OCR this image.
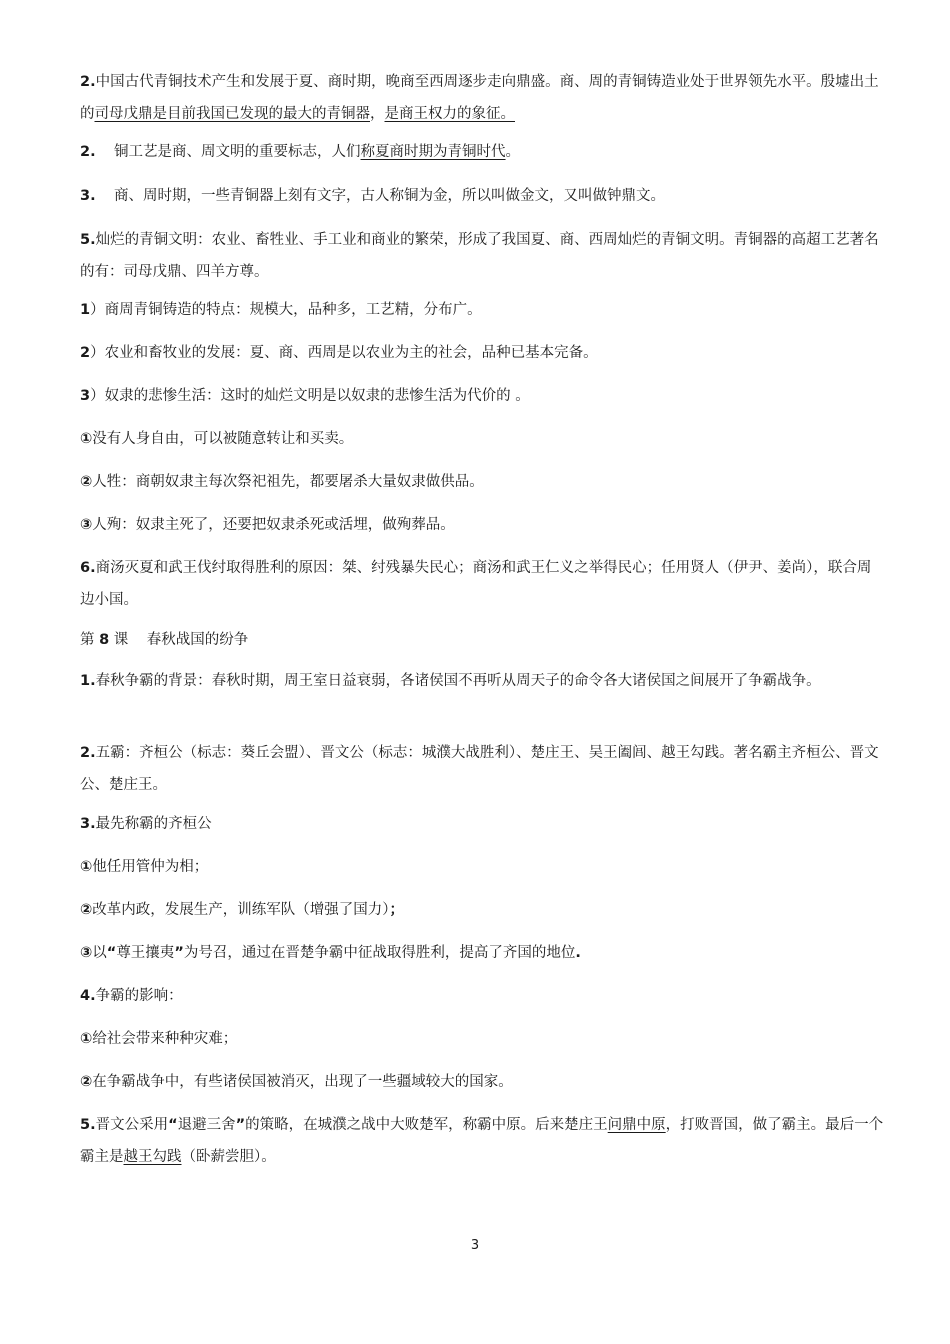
2.中国古代青铜技术产生和发展于夏、商时期，晚商至西周逐步走向鼎盛。商、周的青铜铸造业处于世界领先水平。殷墟出土的司母戊鼎是目前我国已发现的最大的青铜器，是商王权力的象征。

2.    铜工艺是商、周文明的重要标志，人们称夏商时期为青铜时代。

3.    商、周时期，一些青铜器上刻有文字，古人称铜为金，所以叫做金文，又叫做钟鼎文。

5.灿烂的青铜文明：农业、畜牲业、手工业和商业的繁荣，形成了我国夏、商、西周灿烂的青铜文明。青铜器的高超工艺著名的有：司母戊鼎、四羊方尊。

1）商周青铜铸造的特点：规模大，品种多，工艺精，分布广。

2）农业和畜牧业的发展：夏、商、西周是以农业为主的社会，品种已基本完备。

3）奴隶的悲惨生活：这时的灿烂文明是以奴隶的悲惨生活为代价的 。

①没有人身自由，可以被随意转让和买卖。

②人牲：商朝奴隶主每次祭祀祖先，都要屠杀大量奴隶做供品。

③人殉：奴隶主死了，还要把奴隶杀死或活埋，做殉葬品。

6.商汤灭夏和武王伐纣取得胜利的原因：桀、纣残暴失民心；商汤和武王仁义之举得民心；任用贤人（伊尹、姜尚），联合周边小国。

第 8 课    春秋战国的纷争

1.春秋争霸的背景：春秋时期，周王室日益衰弱，各诸侯国不再听从周天子的命令各大诸侯国之间展开了争霸战争。

2.五霸：齐桓公（标志：葵丘会盟）、晋文公（标志：城濮大战胜利）、楚庄王、吴王阖闾、越王勾践。著名霸主齐桓公、晋文公、楚庄王。

3.最先称霸的齐桓公

①他任用管仲为相；

②改革内政，发展生产，训练军队（增强了国力）；

③以“尊王攘夷”为号召，通过在晋楚争霸中征战取得胜利，提高了齐国的地位.

4.争霸的影响：

①给社会带来种种灾难；

②在争霸战争中，有些诸侯国被消灭，出现了一些疆域较大的国家。

5.晋文公采用“退避三舍”的策略，在城濮之战中大败楚军，称霸中原。后来楚庄王问鼎中原，打败晋国，做了霸主。最后一个霸主是越王勾践（卧薪尝胆）。

3
